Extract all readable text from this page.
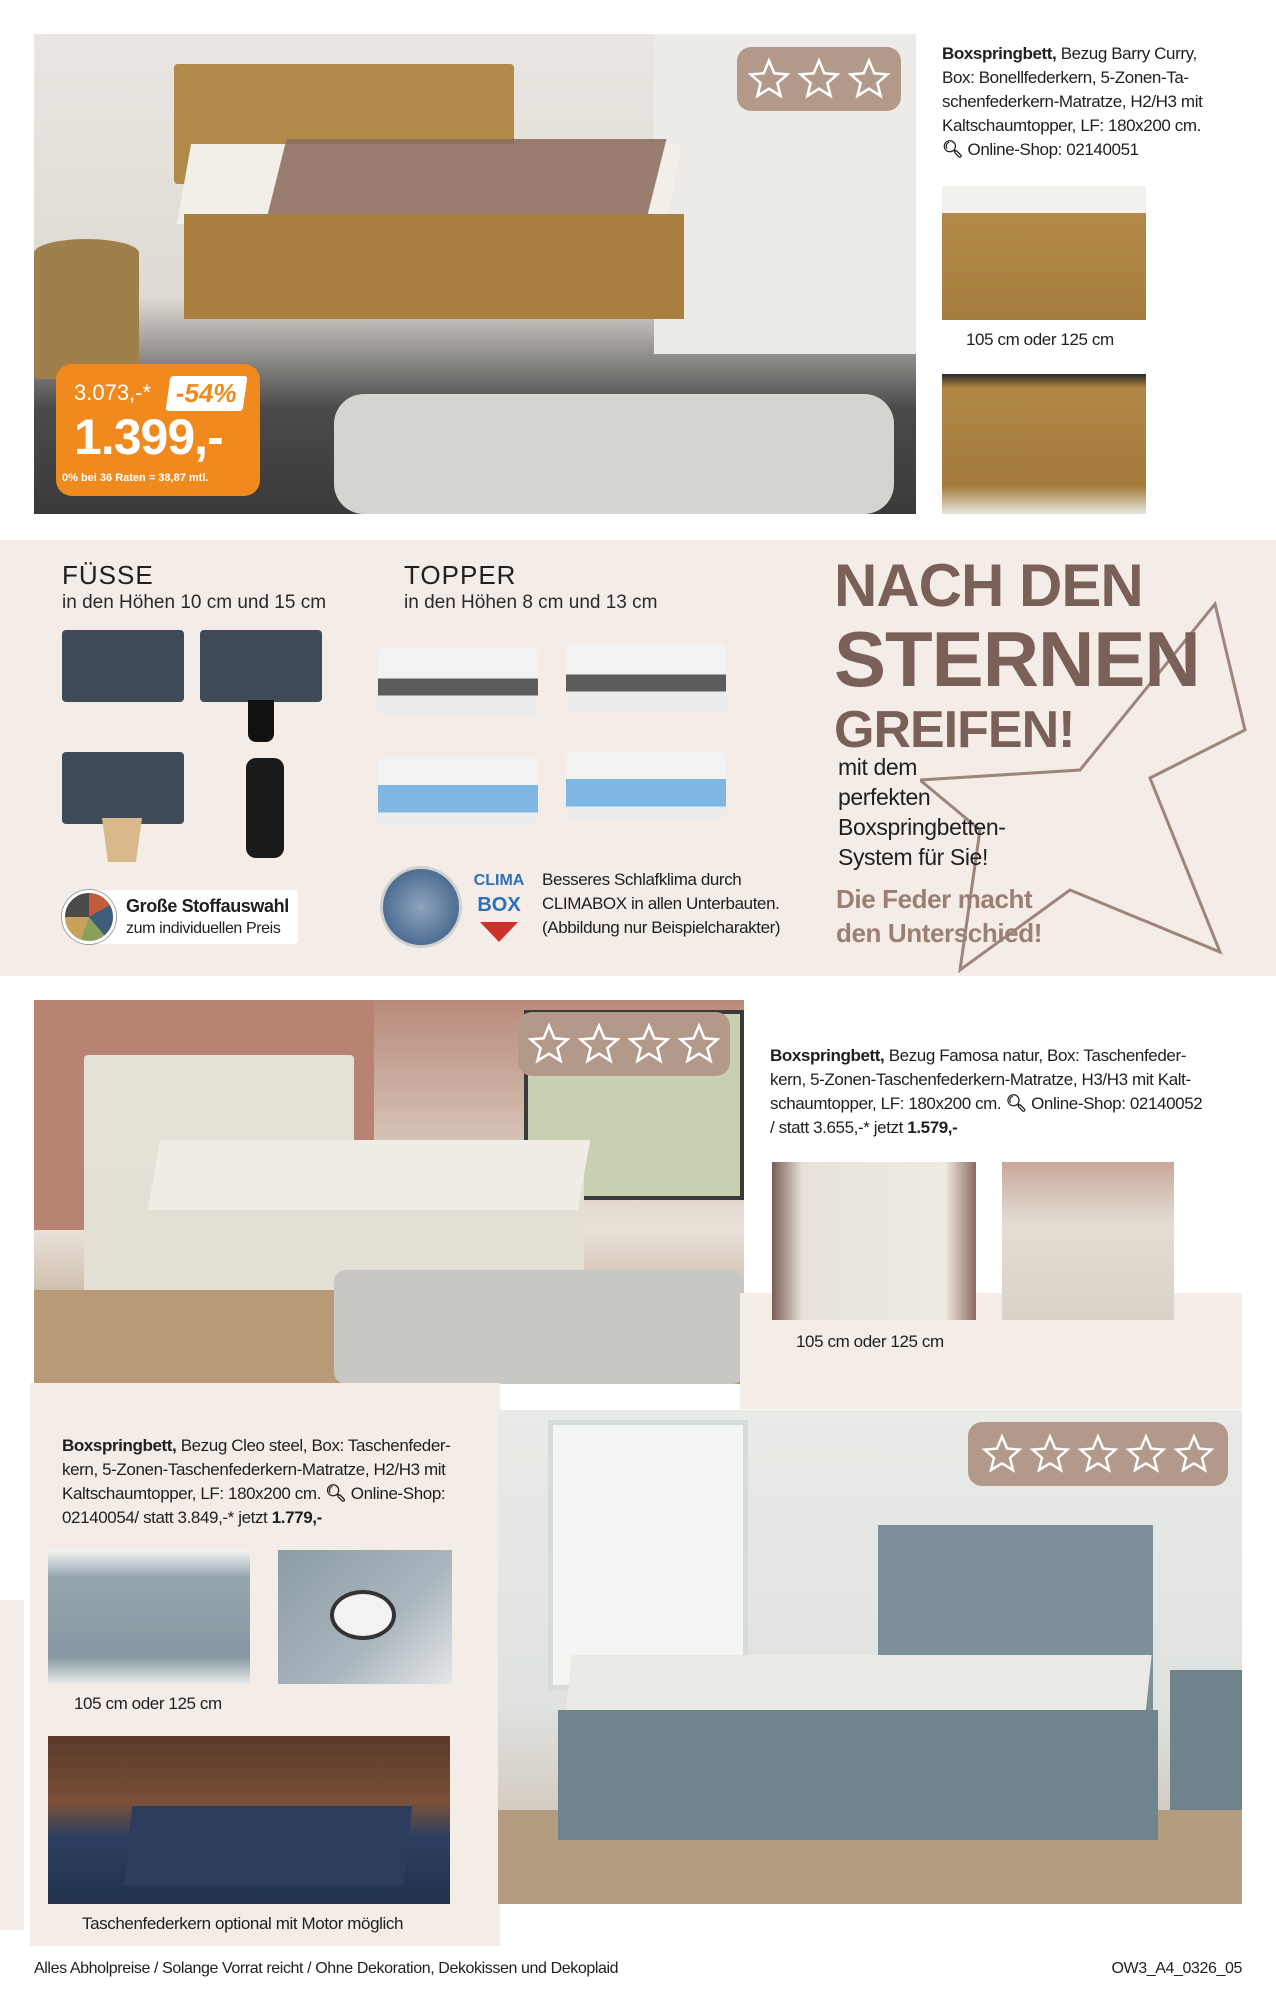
3.073,-* -54%
1.399,-
0% bei 36 Raten = 38,87 mtl.
Boxspringbett, Bezug Barry Curry,
Box: Bonellfederkern, 5-Zonen-Ta-
schenfederkern-Matratze, H2/H3 mit
Kaltschaumtopper, LF: 180x200 cm.
🔍︎ Online-Shop: 02140051
105 cm oder 125 cm
FÜSSE
in den Höhen 10 cm und 15 cm
TOPPER
in den Höhen 8 cm und 13 cm
Große Stoffauswahl
zum individuellen Preis
CLIMA
BOX
Besseres Schlafklima durch
CLIMABOX in allen Unterbauten.
(Abbildung nur Beispielcharakter)
NACH DEN
STERNEN
GREIFEN!
mit dem
perfekten
Boxspringbetten-
System für Sie!
Die Feder macht
den Unterschied!
Boxspringbett, Bezug Famosa natur, Box: Taschenfeder-
kern, 5-Zonen-Taschenfederkern-Matratze, H3/H3 mit Kalt-
schaumtopper, LF: 180x200 cm. 🔍︎ Online-Shop: 02140052
/ statt 3.655,-* jetzt 1.579,-
105 cm oder 125 cm
Boxspringbett, Bezug Cleo steel, Box: Taschenfeder-
kern, 5-Zonen-Taschenfederkern-Matratze, H2/H3 mit
Kaltschaumtopper, LF: 180x200 cm. 🔍︎ Online-Shop:
02140054/ statt 3.849,-* jetzt 1.779,-
105 cm oder 125 cm
Taschenfederkern optional mit Motor möglich
Alles Abholpreise / Solange Vorrat reicht / Ohne Dekoration, Dekokissen und Dekoplaid	OW3_A4_0326_05
